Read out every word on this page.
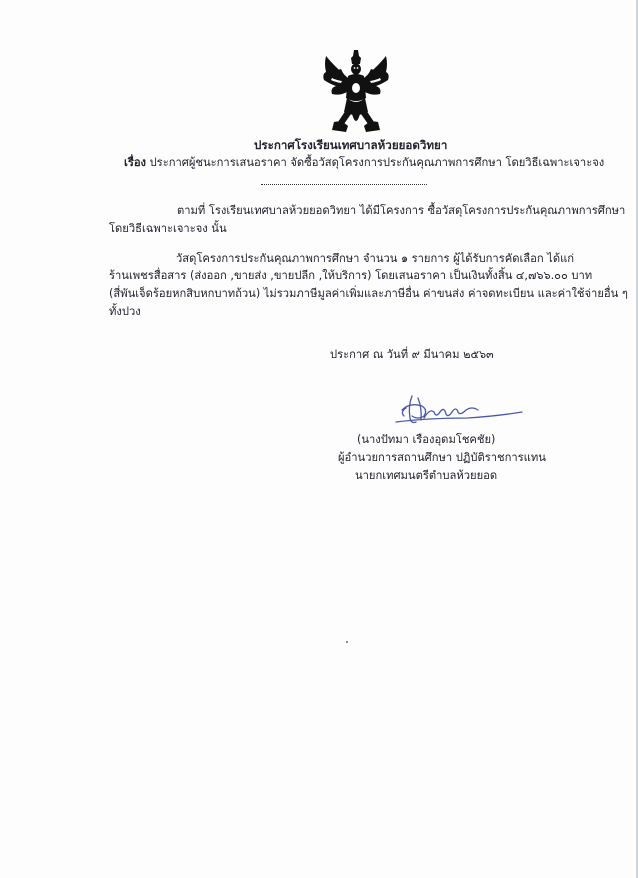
ประกาศโรงเรียนเทศบาลห้วยยอดวิทยา
เรื่อง ประกาศผู้ชนะการเสนอราคา จัดซื้อวัสดุโครงการประกันคุณภาพการศึกษา โดยวิธีเฉพาะเจาะจง
ตามที่ โรงเรียนเทศบาลห้วยยอดวิทยา ได้มีโครงการ ซื้อวัสดุโครงการประกันคุณภาพการศึกษา
โดยวิธีเฉพาะเจาะจง นั้น
วัสดุโครงการประกันคุณภาพการศึกษา จำนวน ๑ รายการ ผู้ได้รับการคัดเลือก ได้แก่
ร้านเพชรสื่อสาร (ส่งออก ,ขายส่ง ,ขายปลีก ,ให้บริการ) โดยเสนอราคา เป็นเงินทั้งสิ้น ๔,๗๖๖.๐๐ บาท
(สี่พันเจ็ดร้อยหกสิบหกบาทถ้วน) ไม่รวมภาษีมูลค่าเพิ่มและภาษีอื่น ค่าขนส่ง ค่าจดทะเบียน และค่าใช้จ่ายอื่น ๆ
ทั้งปวง
ประกาศ ณ วันที่ ๙ มีนาคม ๒๕๖๓
(นางปัทมา เรืองอุดมโชคชัย)
ผู้อำนวยการสถานศึกษา ปฏิบัติราชการแทน
นายกเทศมนตรีตำบลห้วยยอด
